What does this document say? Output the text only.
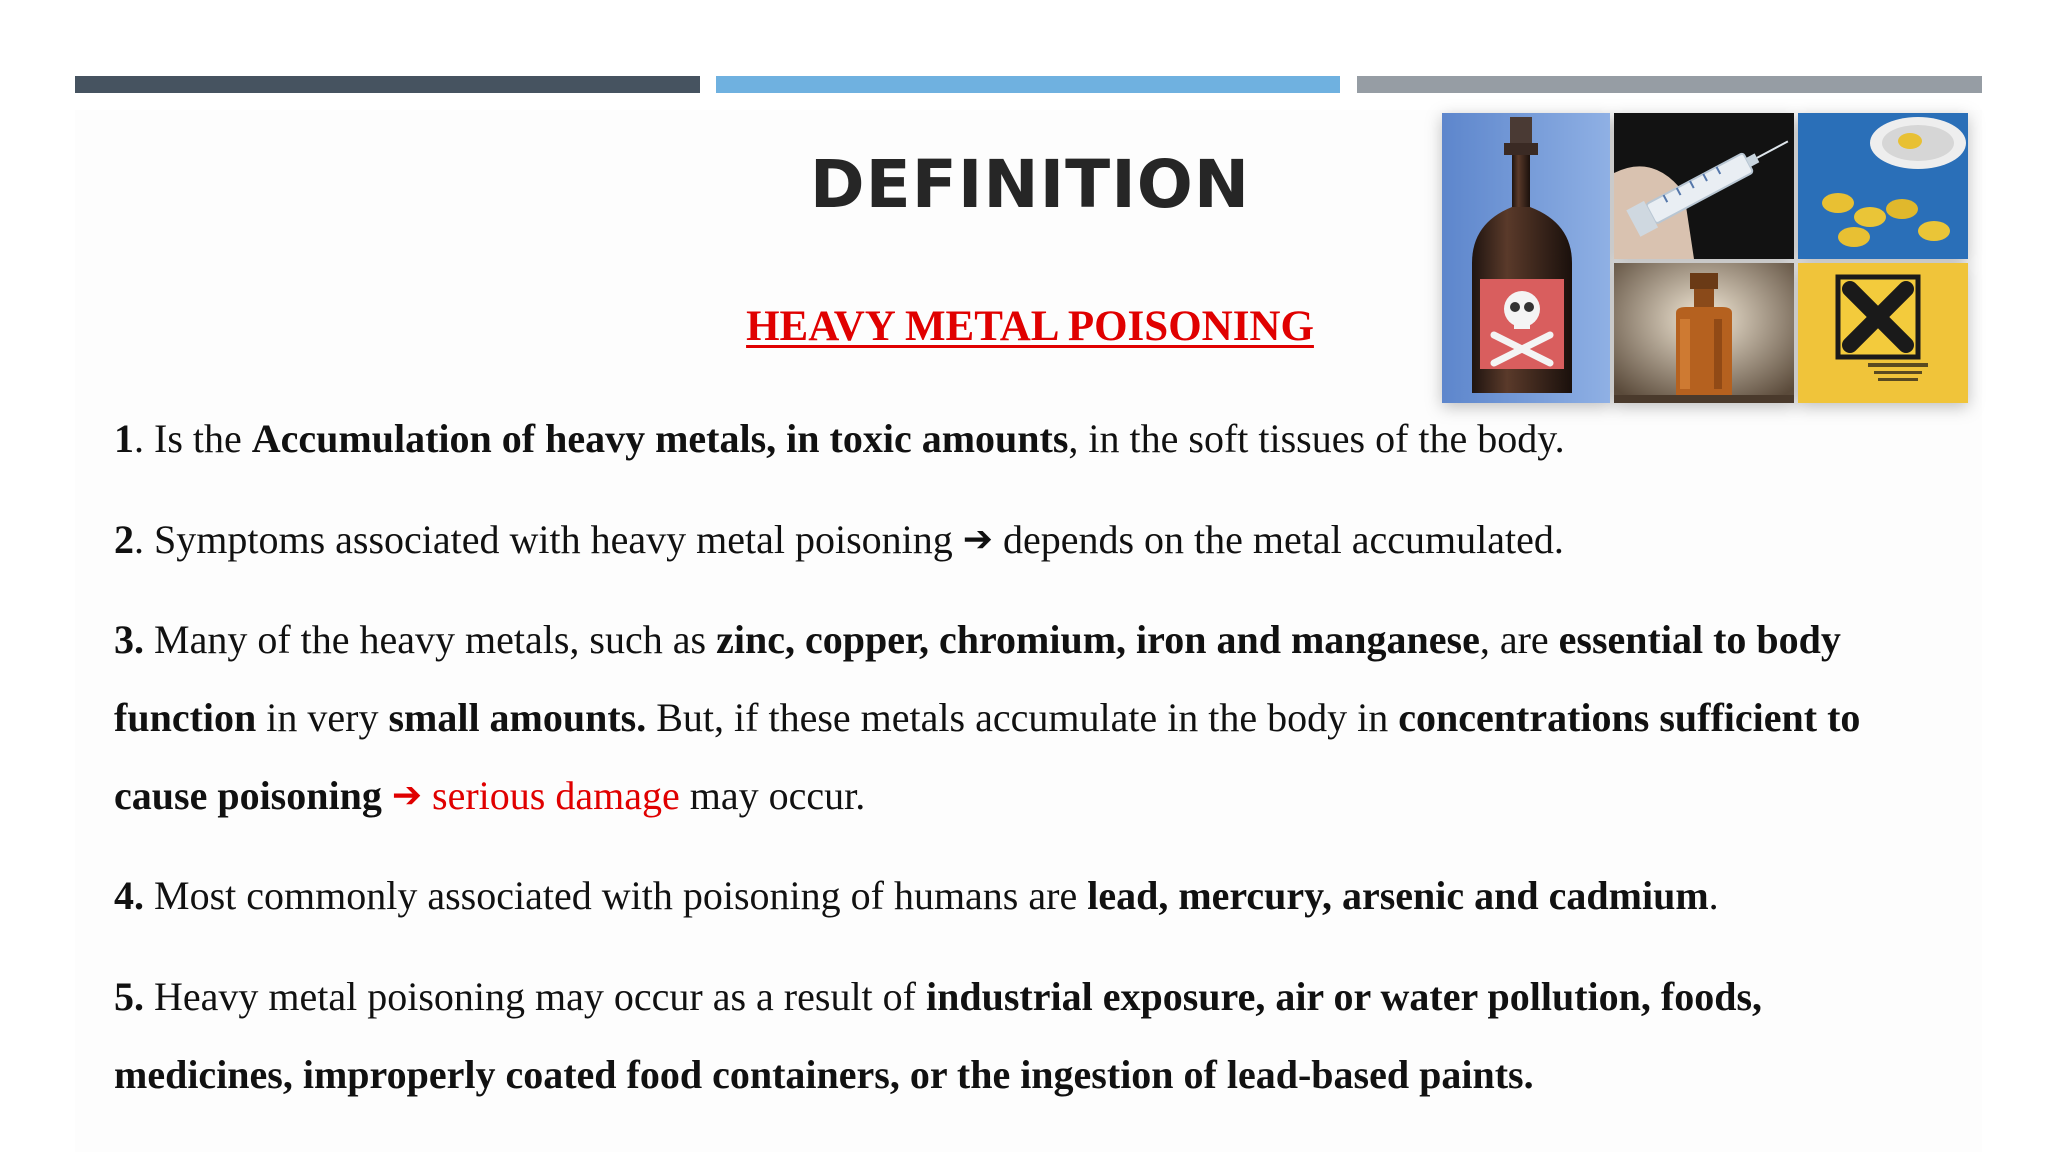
DEFINITION
HEAVY METAL POISONING
1. Is the Accumulation of heavy metals, in toxic amounts, in the soft tissues of the body.
2. Symptoms associated with heavy metal poisoning ➔ depends on the metal accumulated.
3. Many of the heavy metals, such as zinc, copper, chromium, iron and manganese, are essential to body function in very small amounts. But, if these metals accumulate in the body in concentrations sufficient to cause poisoning ➔ serious damage may occur.
4. Most commonly associated with poisoning of humans are lead, mercury, arsenic and cadmium.
5. Heavy metal poisoning may occur as a result of industrial exposure, air or water pollution, foods, medicines, improperly coated food containers, or the ingestion of lead-based paints.
